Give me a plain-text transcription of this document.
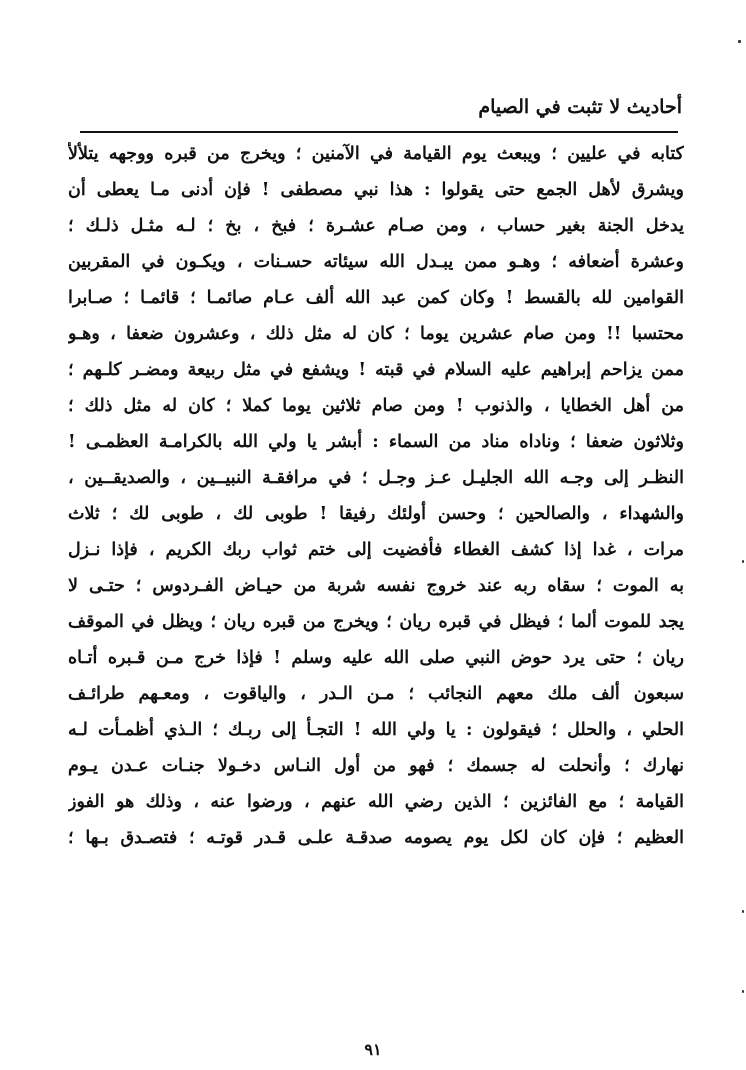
أحاديث لا تثبت في الصيام
كتابه في عليين ؛ ويبعث يوم القيامة في الآمنين ؛ ويخرج من قبره ووجهه يتلألأ
ويشرق لأهل الجمع حتى يقولوا : هذا نبي مصطفى ! فإن أدنى مـا يعطى أن
يدخل الجنة بغير حساب ، ومن صـام عشـرة ؛ فبخ ، بخ ؛ لـه مثـل ذلـك ؛
وعشرة أضعافه ؛ وهـو ممن يبـدل الله سيئاته حسـنات ، ويكـون في المقربين
القوامين لله بالقسط ! وكان كمن عبد الله ألف عـام صائمـا ؛ قائمـا ؛ صـابرا
محتسبا !! ومن صام عشرين يوما ؛ كان له مثل ذلك ، وعشرون ضعفا ، وهـو
ممن يزاحم إبراهيم عليه السلام في قبته ! ويشفع في مثل ربيعة ومضـر كلـهم ؛
من أهل الخطايا ، والذنوب ! ومن صام ثلاثين يوما كملا ؛ كان له مثل ذلك ؛
وثلاثون ضعفا ؛ وناداه مناد من السماء : أبشر يا ولي الله بالكرامـة العظمـى !
النظـر إلى وجـه الله الجليـل عـز وجـل ؛ في مرافقـة النبيــين ، والصديقــين ،
والشهداء ، والصالحين ؛ وحسن أولئك رفيقا ! طوبى لك ، طوبى لك ؛ ثلاث
مرات ، غدا إذا كشف الغطاء فأفضيت إلى ختم ثواب ربك الكريم ، فإذا نـزل
به الموت ؛ سقاه ربه عند خروج نفسه شربة من حيـاض الفـردوس ؛ حتـى لا
يجد للموت ألما ؛ فيظل في قبره ريان ؛ ويخرج من قبره ريان ؛ ويظل في الموقف
ريان ؛ حتى يرد حوض النبي صلى الله عليه وسلم ! فإذا خرج مـن قـبره أتـاه
سبعون ألف ملك معهم النجائب ؛ مـن الـدر ، والياقوت ، ومعـهم طرائـف
الحلي ، والحلل ؛ فيقولون : يا ولي الله ! التجـأ إلى ربـك ؛ الـذي أظمـأت لـه
نهارك ؛ وأنحلت له جسمك ؛ فهو من أول النـاس دخـولا جنـات عـدن يـوم
القيامة ؛ مع الفائزين ؛ الذين رضي الله عنهم ، ورضوا عنه ، وذلك هو الفوز
العظيم ؛ فإن كان لكل يوم يصومه صدقـة علـى قـدر قوتـه ؛ فتصـدق بـها ؛
٩١
